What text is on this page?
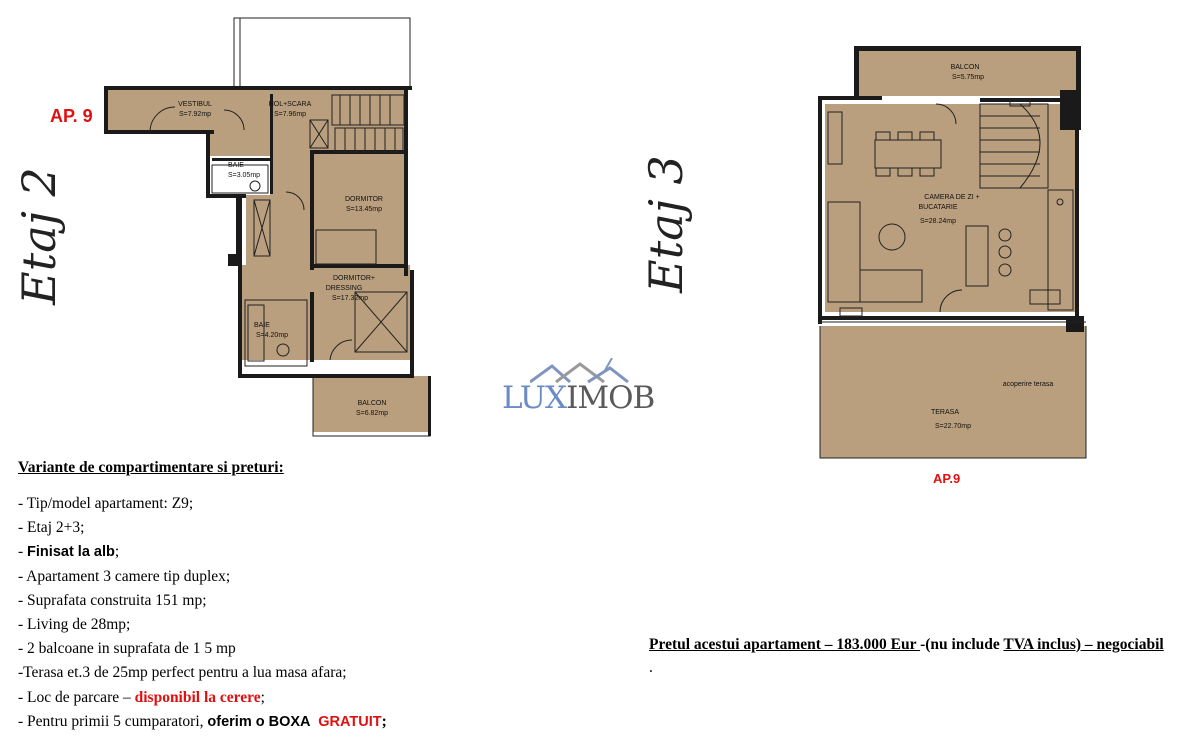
VESTIBUL
S=7.92mp
HOL+SCARA
S=7.96mp
BAIE
S=3.05mp
DORMITOR
S=13.45mp
DORMITOR+
DRESSING
S=17.32mp
BAIE
S=4.20mp
BALCON
S=6.82mp
BALCON
S=5.75mp
CAMERA DE ZI +
BUCATARIE
S=28.24mp
TERASA
S=22.70mp
acoperire terasa
AP. 9
AP.9
Etaj 2	Etaj 3
LUXIMOB
Variante de compartimentare si preturi:
- Tip/model apartament: Z9;
- Etaj 2+3;
- Finisat la alb;
- Apartament 3 camere tip duplex;
- Suprafata construita 151 mp;
- Living de 28mp;
- 2 balcoane in suprafata de 1 5 mp
-Terasa et.3 de 25mp perfect pentru a lua masa afara;
- Loc de parcare – disponibil la cerere;
- Pentru primii 5 cumparatori, oferim o BOXA GRATUIT;
Pretul acestui apartament – 183.000 Eur -(nu include TVA inclus) – negociabil .
